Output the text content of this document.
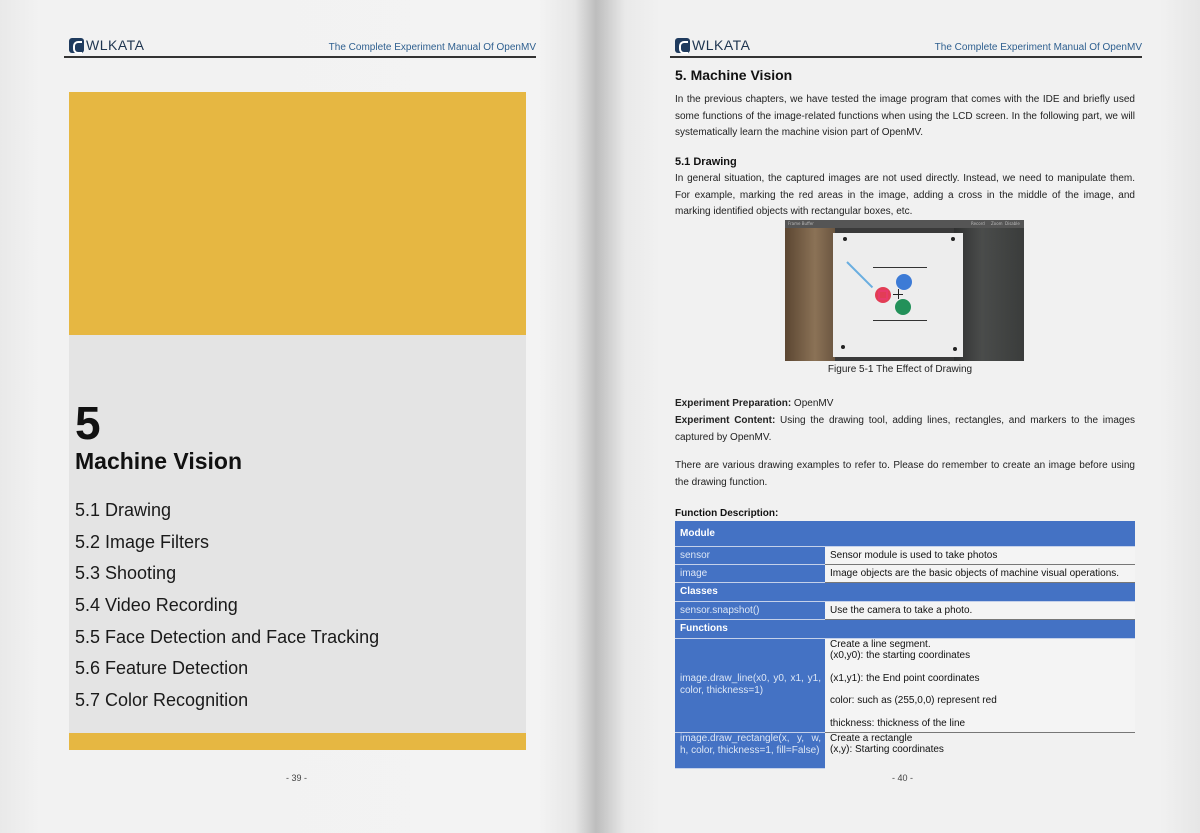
WLKATA	The Complete Experiment Manual Of OpenMV
5
Machine Vision
5.1 Drawing
5.2 Image Filters
5.3 Shooting
5.4 Video Recording
5.5 Face Detection and Face Tracking
5.6 Feature Detection
5.7 Color Recognition
- 39 -
WLKATA	The Complete Experiment Manual Of OpenMV
5. Machine Vision
In the previous chapters, we have tested the image program that comes with the IDE and briefly used some functions of the image-related functions when using the LCD screen. In the following part, we will systematically learn the machine vision part of OpenMV.
5.1 Drawing
In general situation, the captured images are not used directly. Instead, we need to manipulate them. For example, marking the red areas in the image, adding a cross in the middle of the image, and marking identified objects with rectangular boxes, etc.
Frame Buffer	Record Zoom Disable
Figure 5-1 The Effect of Drawing
Experiment Preparation: OpenMV
Experiment Content: Using the drawing tool, adding lines, rectangles, and markers to the images captured by OpenMV.
There are various drawing examples to refer to. Please do remember to create an image before using the drawing function.
Function Description:
Module	
sensor	Sensor module is used to take photos
image	Image objects are the basic objects of machine visual operations.
Classes	
sensor.snapshot()	Use the camera to take a photo.
Functions	
image.draw_line(x0, y0, x1, y1, color, thickness=1)	Create a line segment.
(x0,y0): the starting coordinates
(x1,y1): the End point coordinates
color: such as (255,0,0) represent red
thickness: thickness of the line

image.draw_rectangle(x, y, w, h, color, thickness=1, fill=False)	Create a rectangle
(x,y): Starting coordinates
- 40 -
